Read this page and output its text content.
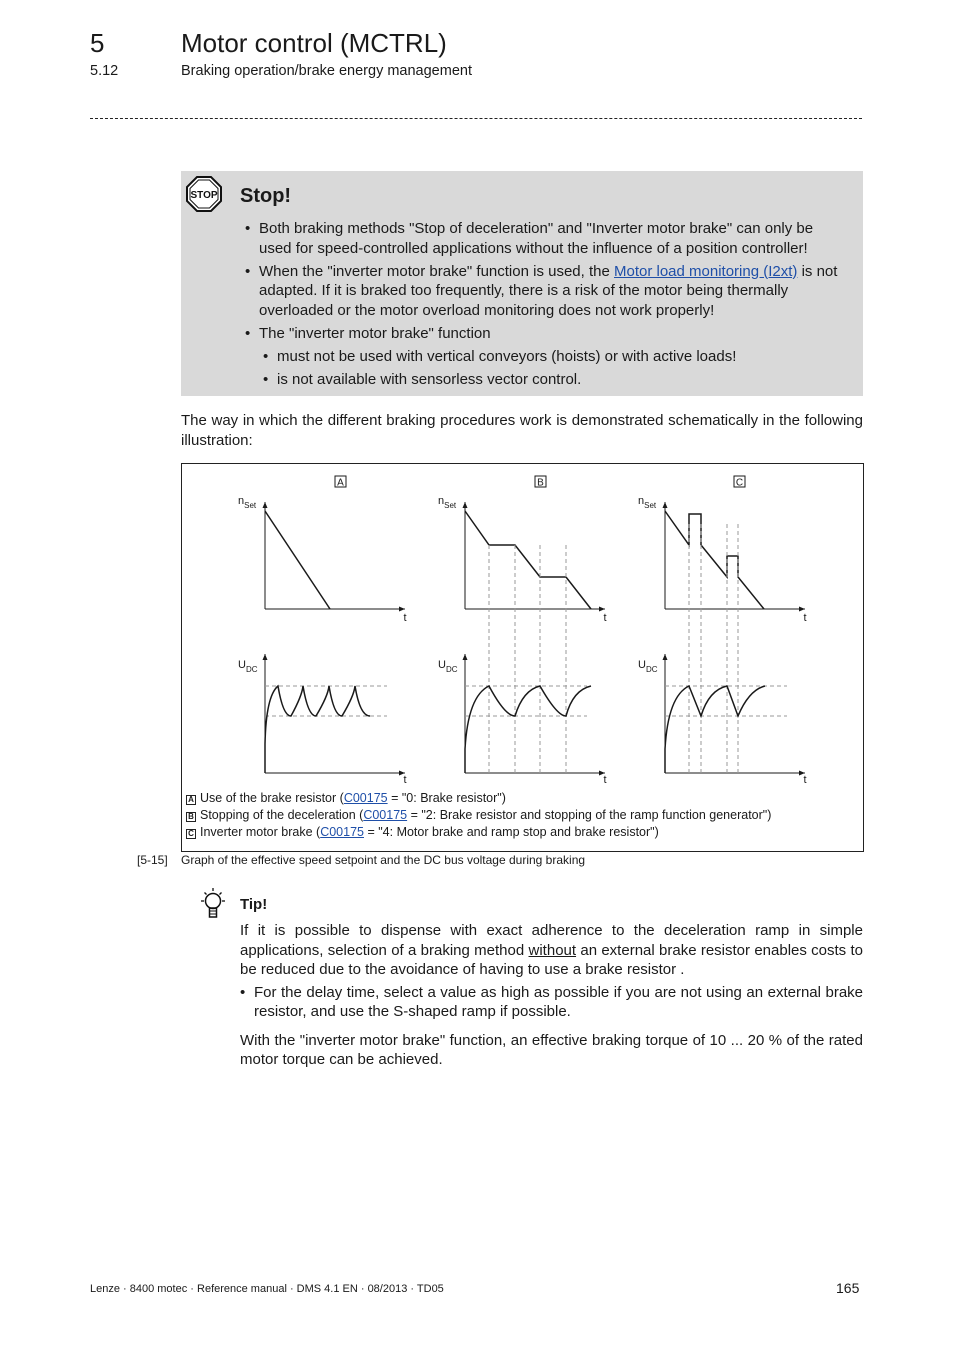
5	Motor control (MCTRL)
5.12	Braking operation/brake energy management
STOP Stop!
• Both braking methods "Stop of deceleration" and "Inverter motor brake" can only be used for speed-controlled applications without the influence of a position controller!
• When the "inverter motor brake" function is used, the Motor load monitoring (I2xt) is not adapted. If it is braked too frequently, there is a risk of the motor being thermally overloaded or the motor overload monitoring does not work properly!
• The "inverter motor brake" function
• must not be used with vertical conveyors (hoists) or with active loads!
• is not available with sensorless vector control.
The way in which the different braking procedures work is demonstrated schematically in the following illustration:
A
$n_{Set}$
t
$U_{DC}$
t
B
$n_{Set}$
t
$U_{DC}$
t
C
$n_{Set}$
t
$U_{DC}$
t
A Use of the brake resistor (C00175 = "0: Brake resistor")
B Stopping of the deceleration (C00175 = "2: Brake resistor and stopping of the ramp function generator")
C Inverter motor brake (C00175 = "4: Motor brake and ramp stop and brake resistor")
[5-15] Graph of the effective speed setpoint and the DC bus voltage during braking
Tip!

If it is possible to dispense with exact adherence to the deceleration ramp in simple applications, selection of a braking method without an external brake resistor enables costs to be reduced due to the avoidance of having to use a brake resistor .

• For the delay time, select a value as high as possible if you are not using an external brake resistor, and use the S-shaped ramp if possible.

With the "inverter motor brake" function, an effective braking torque of 10 ... 20 % of the rated motor torque can be achieved.

Lenze · 8400 motec · Reference manual · DMS 4.1 EN · 08/2013 · TD05	165
